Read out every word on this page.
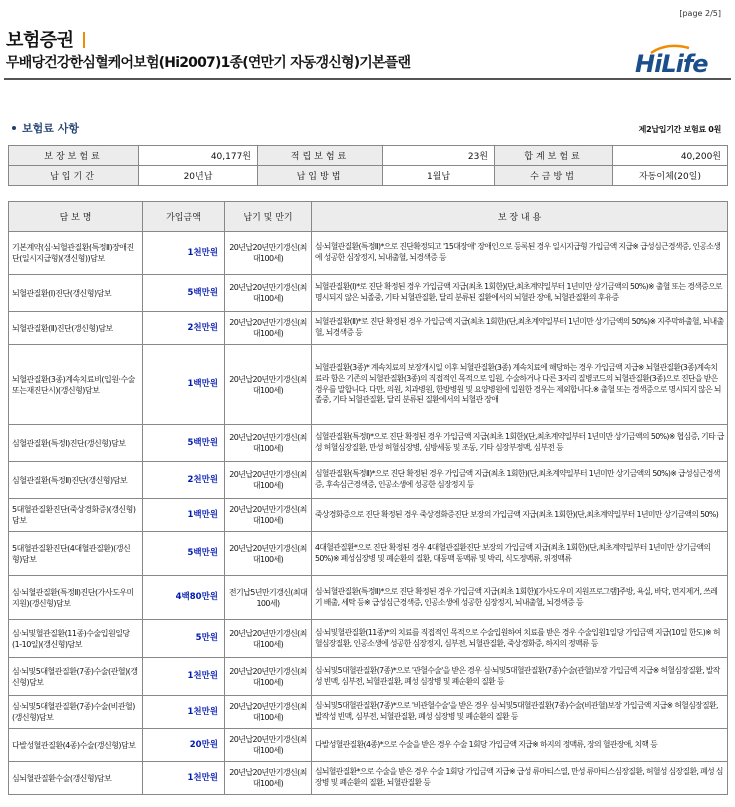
[page 2/5]
보험증권
무배당건강한심혈케어보험(Hi2007)1종(연만기 자동갱신형)기본플랜	HiLife
보험료 사항	제2납입기간 보험료 0원
보장보험료	40,177원	적립보험료	23원	합계보험료	40,200원
납입기간	20년납	납입방법	1월납	수금방법	자동이체(20일)
담 보 명	가입금액	납기 및 만기	보 장 내 용
기본계약(심·뇌혈관질환(특정Ⅱ)장애진단(일시지급형)(갱신형))담보	1천만원	20년납20년만기갱신(최대100세)	심·뇌혈관질환(특정Ⅱ)*으로 진단확정되고 '15대장애' 장애인으로 등록된 경우 일시지급형 가입금액 지급※ 급성심근경색증, 인공소생에 성공한 심장정지, 뇌내출혈, 뇌경색증 등
뇌혈관질환(Ⅰ)진단(갱신형)담보	5백만원	20년납20년만기갱신(최대100세)	뇌혈관질환(Ⅰ)*로 진단 확정된 경우 가입금액 지급(최초 1회한)(단,최초계약일부터 1년미만 상기금액의 50%)※ 출혈 또는 경색증으로 명시되지 않은 뇌졸중, 기타 뇌혈관질환, 달리 분류된 질환에서의 뇌혈관 장애, 뇌혈관질환의 후유증
뇌혈관질환(Ⅱ)진단(갱신형)담보	2천만원	20년납20년만기갱신(최대100세)	뇌혈관질환(Ⅱ)*로 진단 확정된 경우 가입금액 지급(최초 1회한)(단,최초계약일부터 1년미만 상기금액의 50%)※ 지주막하출혈, 뇌내출혈, 뇌경색증 등
뇌혈관질환(3종)계속치료비(입원·수술또는재진단시)(갱신형)담보	1백만원	20년납20년만기갱신(최대100세)	뇌혈관질환(3종)* 계속치료의 보장개시일 이후 뇌혈관질환(3종) 계속치료에 해당하는 경우 가입금액 지급※ 뇌혈관질환(3종)계속치료라 함은 기존의 뇌혈관질환(3종)의 직접적인 목적으로 입원, 수술하거나 다른 3자리 질병코드의 뇌혈관질환(3종)으로 진단을 받은 경우를 말합니다. 다만, 의원, 치과병원, 한방병원 및 요양병원에 입원한 경우는 제외합니다.※ 출혈 또는 경색증으로 명시되지 않은 뇌졸중, 기타 뇌혈관질환, 달리 분류된 질환에서의 뇌혈관 장애
심혈관질환(특정Ⅰ)진단(갱신형)담보	5백만원	20년납20년만기갱신(최대100세)	심혈관질환(특정Ⅰ)*으로 진단 확정된 경우 가입금액 지급(최초 1회한)(단,최초계약일부터 1년미만 상기금액의 50%)※ 협심증, 기타 급성 허혈심장질환, 만성 허혈심장병, 심방세동 및 조동, 기타 심장부정맥, 심부전 등
심혈관질환(특정Ⅱ)진단(갱신형)담보	2천만원	20년납20년만기갱신(최대100세)	심혈관질환(특정Ⅱ)*으로 진단 확정된 경우 가입금액 지급(최초 1회한)(단,최초계약일부터 1년미만 상기금액의 50%)※ 급성심근경색증, 후속심근경색증, 인공소생에 성공한 심장정지 등
5대혈관질환진단(죽상경화증)(갱신형)담보	1백만원	20년납20년만기갱신(최대100세)	죽상경화증으로 진단 확정된 경우 죽상경화증진단 보장의 가입금액 지급(최초 1회한)(단,최초계약일부터 1년미만 상기금액의 50%)
5대혈관질환진단(4대혈관질환)(갱신형)담보	5백만원	20년납20년만기갱신(최대100세)	4대혈관질환*으로 진단 확정된 경우 4대혈관질환진단 보장의 가입금액 지급(최초 1회한)(단,최초계약일부터 1년미만 상기금액의 50%)※ 폐성심장병 및 폐순환의 질환, 대동맥 동맥류 및 박리, 식도정맥류, 위정맥류
심·뇌혈관질환(특정Ⅱ)진단(가사도우미지원)(갱신형)담보	4백80만원	전기납5년만기갱신(최대100세)	심·뇌혈관질환(특정Ⅱ)*으로 진단 확정된 경우 가입금액 지급(최초 1회한)[가사도우미 지원프로그램]주방, 욕실, 바닥, 먼지제거, 쓰레기 배출, 세탁 등※ 급성심근경색증, 인공소생에 성공한 심장정지, 뇌내출혈, 뇌경색증 등
심·뇌및혈관질환(11종)수술입원일당(1-10일)(갱신형)담보	5만원	20년납20년만기갱신(최대100세)	심·뇌및혈관질환(11종)*의 치료를 직접적인 목적으로 수술입원하여 치료를 받은 경우 수술입원1일당 가입금액 지급(10일 한도)※ 허혈심장질환, 인공소생에 성공한 심장정지, 심부전, 뇌혈관질환, 죽상경화증, 하지의 정맥류 등
심·뇌및5대혈관질환(7종)수술(관혈)(갱신형)담보	1천만원	20년납20년만기갱신(최대100세)	심·뇌및5대혈관질환(7종)*으로 '관혈수술'을 받은 경우 심·뇌및5대혈관질환(7종)수술(관혈)보장 가입금액 지급※ 허혈심장질환, 발작성 빈맥, 심부전, 뇌혈관질환, 폐성 심장병 및 폐순환의 질환 등
심·뇌및5대혈관질환(7종)수술(비관혈)(갱신형)담보	1천만원	20년납20년만기갱신(최대100세)	심·뇌및5대혈관질환(7종)*으로 '비관혈수술'을 받은 경우 심·뇌및5대혈관질환(7종)수술(비관혈)보장 가입금액 지급※ 허혈심장질환, 발작성 빈맥, 심부전, 뇌혈관질환, 폐성 심장병 및 폐순환의 질환 등
다발성혈관질환(4종)수술(갱신형)담보	20만원	20년납20년만기갱신(최대100세)	다발성혈관질환(4종)*으로 수술을 받은 경우 수술 1회당 가입금액 지급※ 하지의 정맥류, 장의 혈관장애, 치핵 등
심뇌혈관질환수술(갱신형)담보	1천만원	20년납20년만기갱신(최대100세)	심뇌혈관질환*으로 수술을 받은 경우 수술 1회당 가입금액 지급※ 급성 류마티스열, 만성 류마티스심장질환, 허혈성 심장질환, 폐성 심장병 및 폐순환의 질환, 뇌혈관질환 등
